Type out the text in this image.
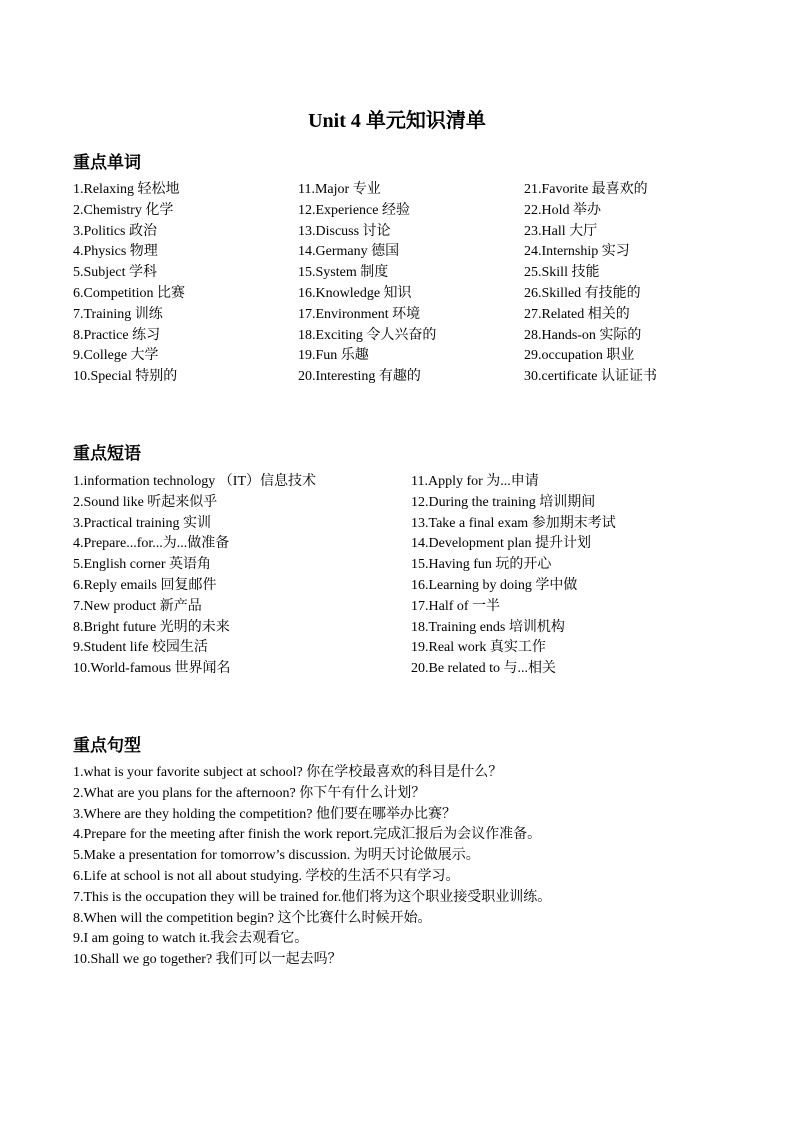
Unit 4 单元知识清单
重点单词
1.Relaxing 轻松地
2.Chemistry 化学
3.Politics 政治
4.Physics 物理
5.Subject 学科
6.Competition 比赛
7.Training 训练
8.Practice 练习
9.College 大学
10.Special 特别的
11.Major 专业
12.Experience 经验
13.Discuss 讨论
14.Germany 德国
15.System 制度
16.Knowledge 知识
17.Environment 环境
18.Exciting 令人兴奋的
19.Fun 乐趣
20.Interesting 有趣的
21.Favorite 最喜欢的
22.Hold 举办
23.Hall 大厅
24.Internship 实习
25.Skill 技能
26.Skilled 有技能的
27.Related 相关的
28.Hands-on 实际的
29.occupation 职业
30.certificate 认证证书
重点短语
1.information technology （IT）信息技术
2.Sound like 听起来似乎
3.Practical training 实训
4.Prepare...for...为...做准备
5.English corner 英语角
6.Reply emails 回复邮件
7.New product 新产品
8.Bright future 光明的未来
9.Student life 校园生活
10.World-famous 世界闻名
11.Apply for 为...申请
12.During the training 培训期间
13.Take a final exam 参加期末考试
14.Development plan 提升计划
15.Having fun 玩的开心
16.Learning by doing 学中做
17.Half of 一半
18.Training ends 培训机构
19.Real work 真实工作
20.Be related to 与...相关
重点句型
1.what is your favorite subject at school? 你在学校最喜欢的科目是什么？
2.What are you plans for the afternoon? 你下午有什么计划？
3.Where are they holding the competition? 他们要在哪举办比赛？
4.Prepare for the meeting after finish the work report.完成汇报后为会议作准备。
5.Make a presentation for tomorrow’s discussion. 为明天讨论做展示。
6.Life at school is not all about studying. 学校的生活不只有学习。
7.This is the occupation they will be trained for.他们将为这个职业接受职业训练。
8.When will the competition begin? 这个比赛什么时候开始。
9.I am going to watch it.我会去观看它。
10.Shall we go together? 我们可以一起去吗？
